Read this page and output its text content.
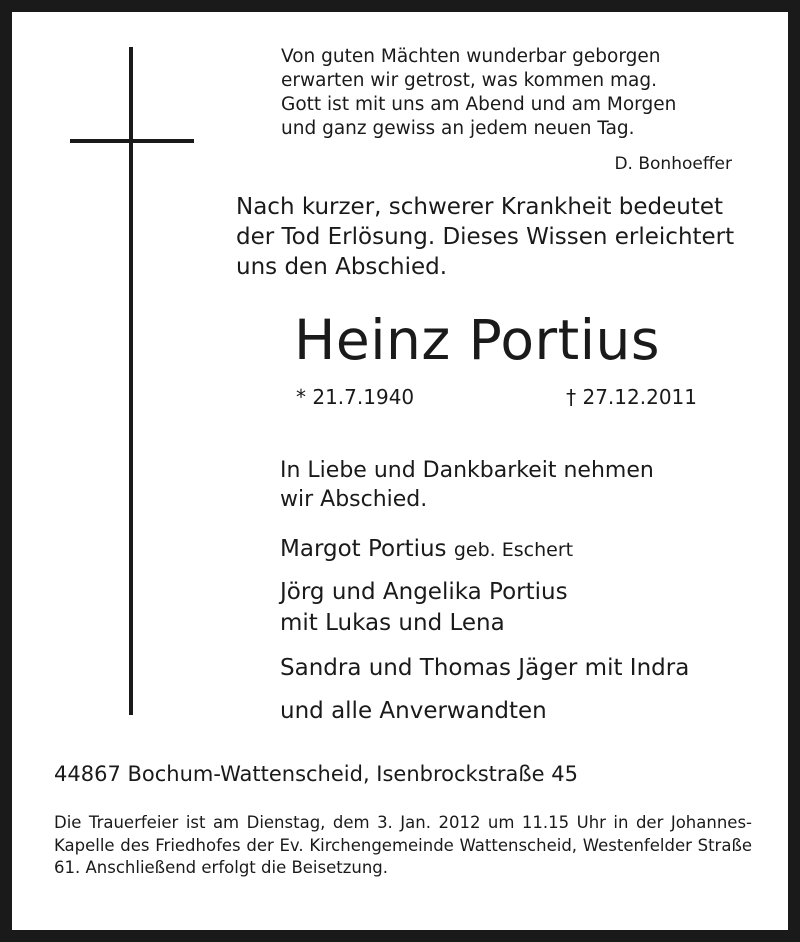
Von guten Mächten wunderbar geborgen
erwarten wir getrost, was kommen mag.
Gott ist mit uns am Abend und am Morgen
und ganz gewiss an jedem neuen Tag.
D. Bonhoeffer
Nach kurzer, schwerer Krankheit bedeutet
der Tod Erlösung. Dieses Wissen erleichtert
uns den Abschied.
Heinz Portius
* 21.7.1940	† 27.12.2011
In Liebe und Dankbarkeit nehmen
wir Abschied.
Margot Portius geb. Eschert
Jörg und Angelika Portius
mit Lukas und Lena
Sandra und Thomas Jäger mit Indra
und alle Anverwandten
44867 Bochum-Wattenscheid, Isenbrockstraße 45
Die Trauerfeier ist am Dienstag, dem 3. Jan. 2012 um 11.15 Uhr in der Johannes-Kapelle des Friedhofes der Ev. Kirchengemeinde Wattenscheid, Westenfelder Straße 61. Anschließend erfolgt die Beisetzung.
